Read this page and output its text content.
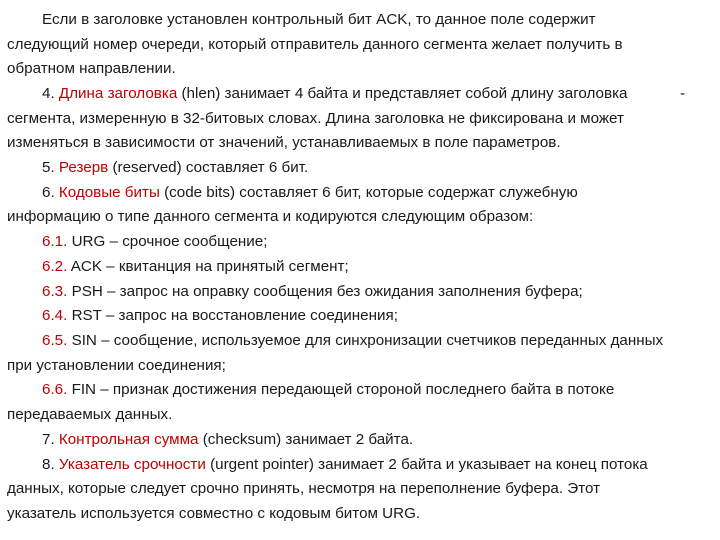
Если в заголовке установлен контрольный бит ACK, то данное поле содержит
следующий номер очереди, который отправитель данного сегмента желает получить в
обратном направлении.
4. Длина заголовка (hlen) занимает 4 байта и представляет собой длину заголовка	-
сегмента, измеренную в 32-битовых словах. Длина заголовка не фиксирована и может
изменяться в зависимости от значений, устанавливаемых в поле параметров.
5. Резерв (reserved) составляет 6 бит.
6. Кодовые биты (code bits) составляет 6 бит, которые содержат служебную
информацию о типе данного сегмента и кодируются следующим образом:
6.1. URG – срочное сообщение;
6.2. ACK – квитанция на принятый сегмент;
6.3. PSH – запрос на оправку сообщения без ожидания заполнения буфера;
6.4. RST – запрос на восстановление соединения;
6.5. SIN – сообщение, используемое для синхронизации счетчиков переданных данных
при установлении соединения;
6.6. FIN – признак достижения передающей стороной последнего байта в потоке
передаваемых данных.
7. Контрольная сумма (checksum) занимает 2 байта.
8. Указатель срочности (urgent pointer) занимает 2 байта и указывает на конец потока
данных, которые следует срочно принять, несмотря на переполнение буфера. Этот
указатель используется совместно с кодовым битом URG.
